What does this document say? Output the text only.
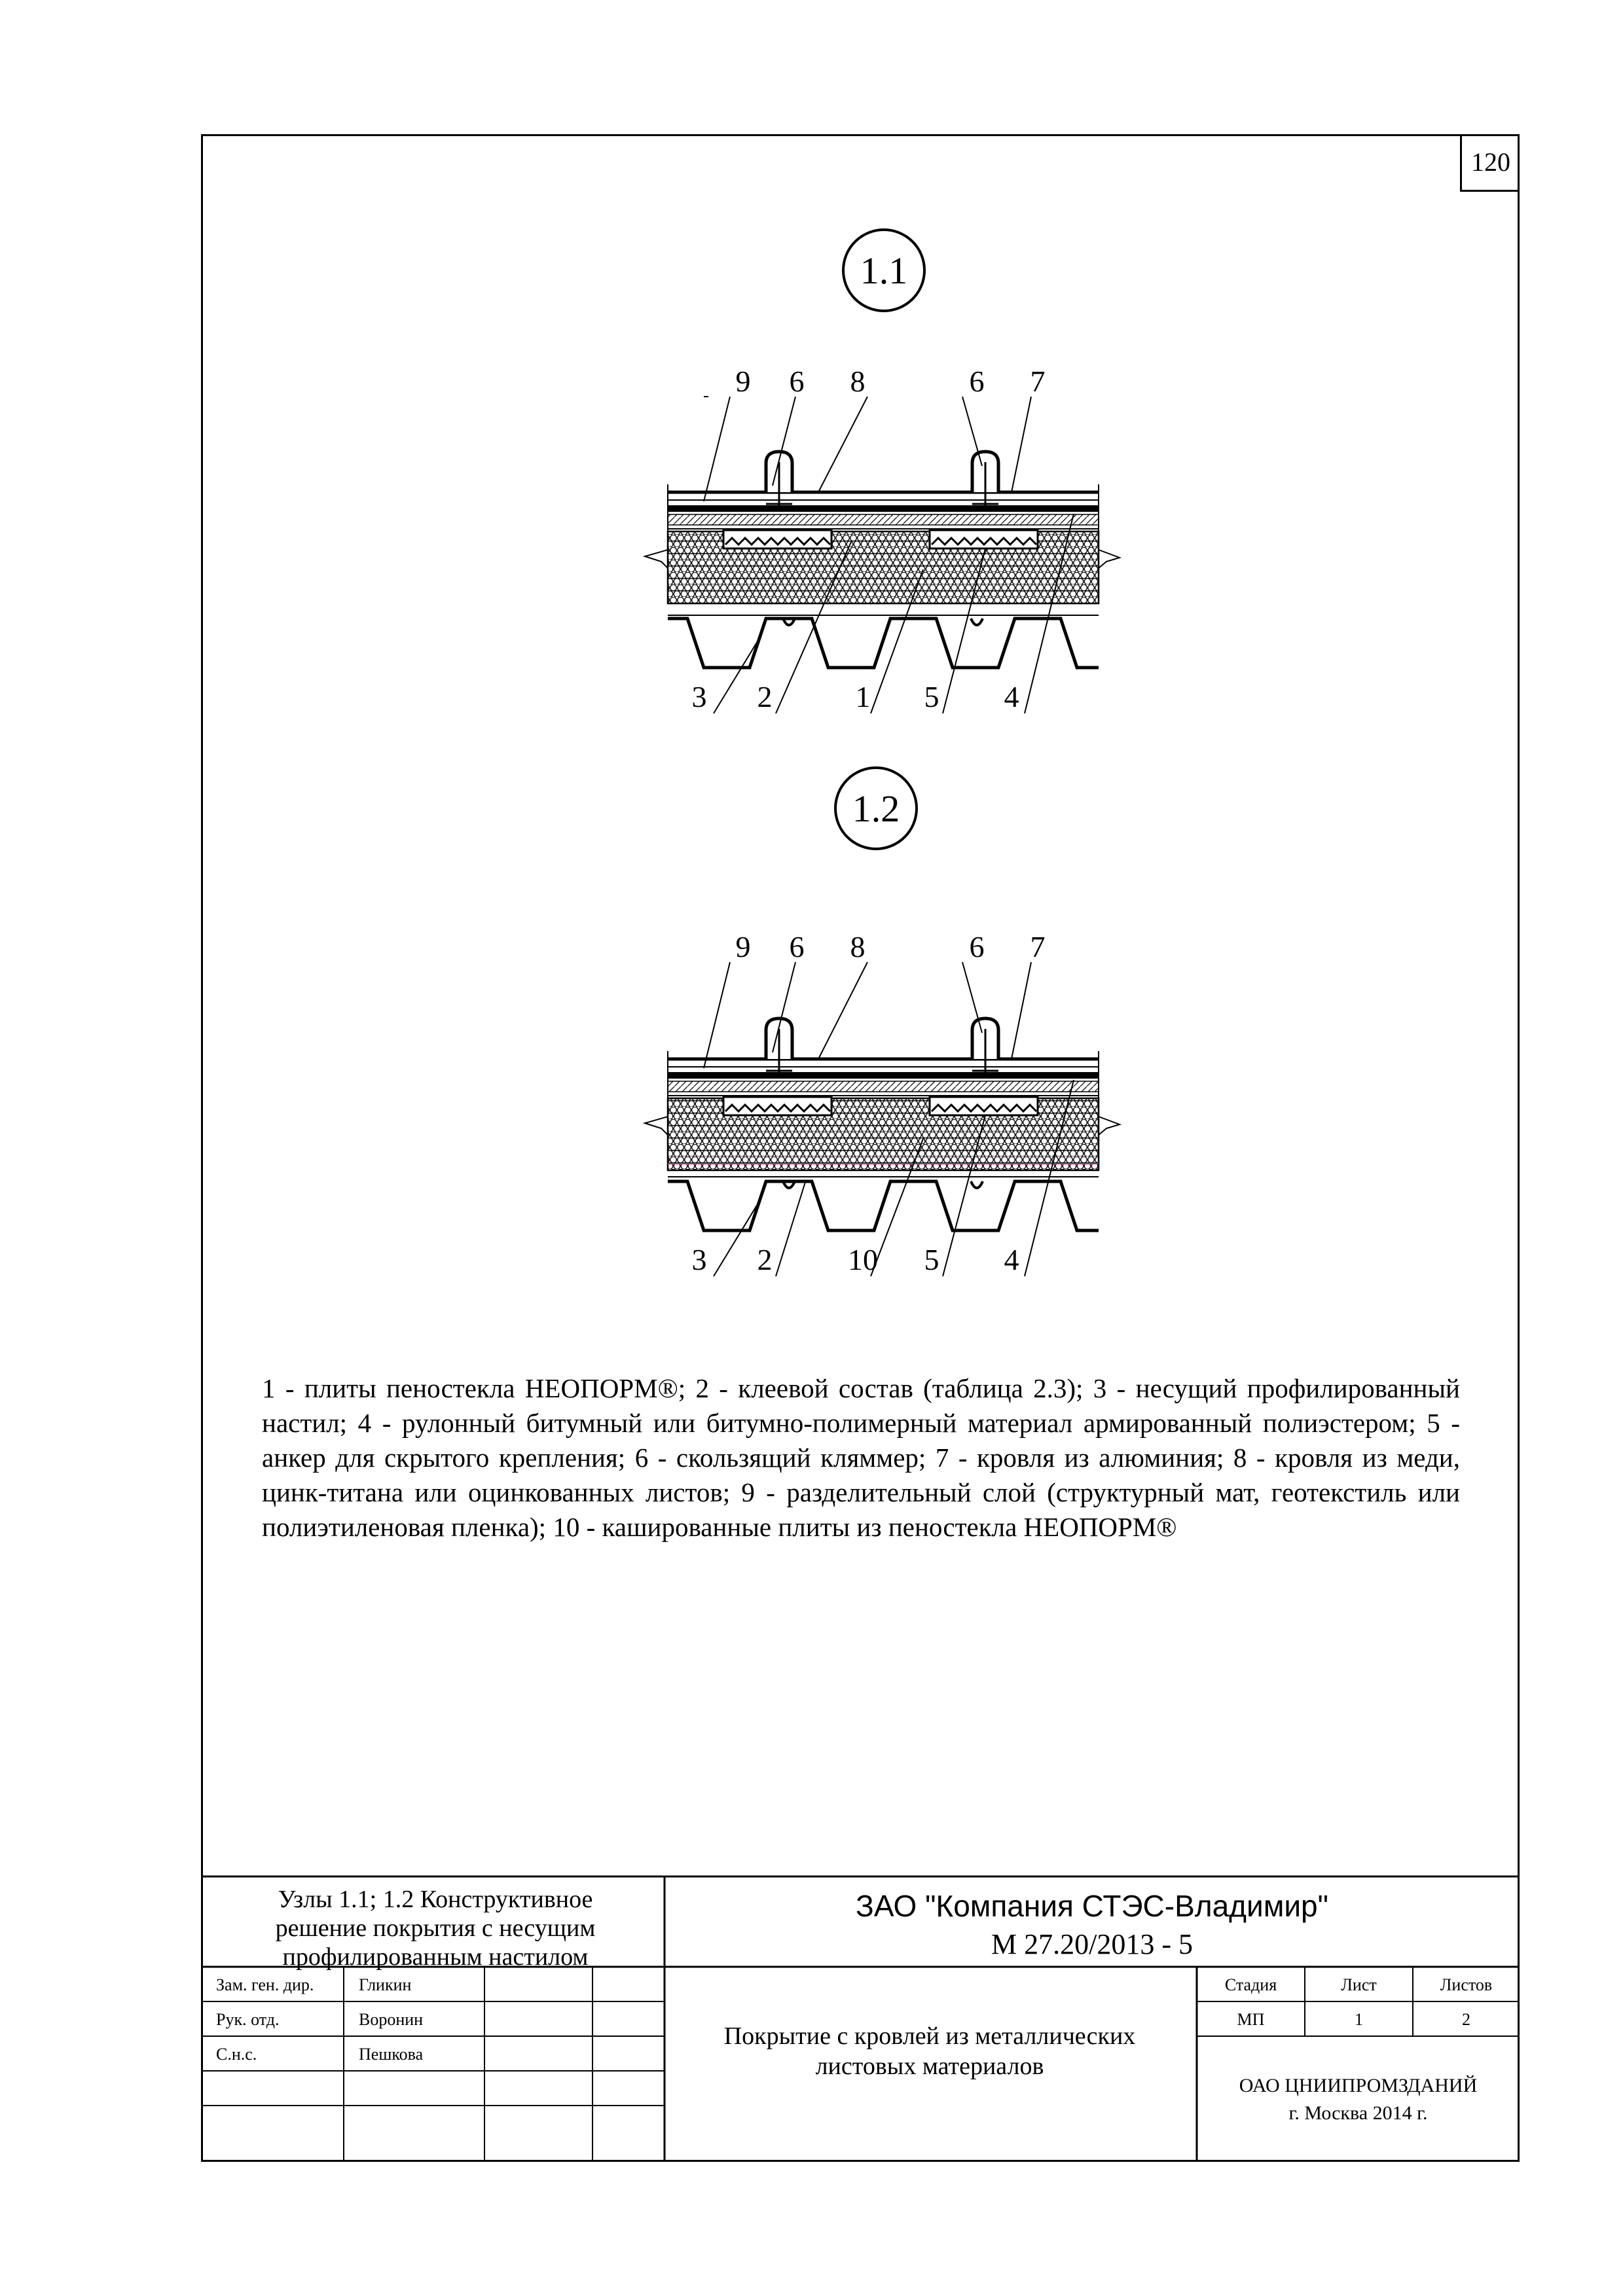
120
1.1
9 6 8	6 7
3 2	1 5 4
1.2
9 6 8	6 7
3 2	10 5 4
1 - плиты пеностекла НЕОПОРМ®; 2 - клеевой состав (таблица 2.3); 3 - несущий профилированный настил; 4 - рулонный битумный или битумно-полимерный материал армированный полиэстером; 5 - анкер для скрытого крепления; 6 - скользящий кляммер; 7 - кровля из алюминия; 8 - кровля из меди, цинк-титана или оцинкованных листов; 9 - разделительный слой (структурный мат, геотекстиль или полиэтиленовая пленка); 10 - кашированные плиты из пеностекла НЕОПОРМ®
Узлы 1.1; 1.2 Конструктивное решение покрытия с несущим профилированным настилом
ЗАО "Компания СТЭС-Владимир"
М 27.20/2013 - 5
Зам. ген. дир.	Гликин
Рук. отд.	Воронин
С.н.с.	Пешкова
Покрытие с кровлей из металлических листовых материалов
Стадия	Лист	Листов
МП	1	2
ОАО ЦНИИПРОМЗДАНИЙ
г. Москва 2014 г.
